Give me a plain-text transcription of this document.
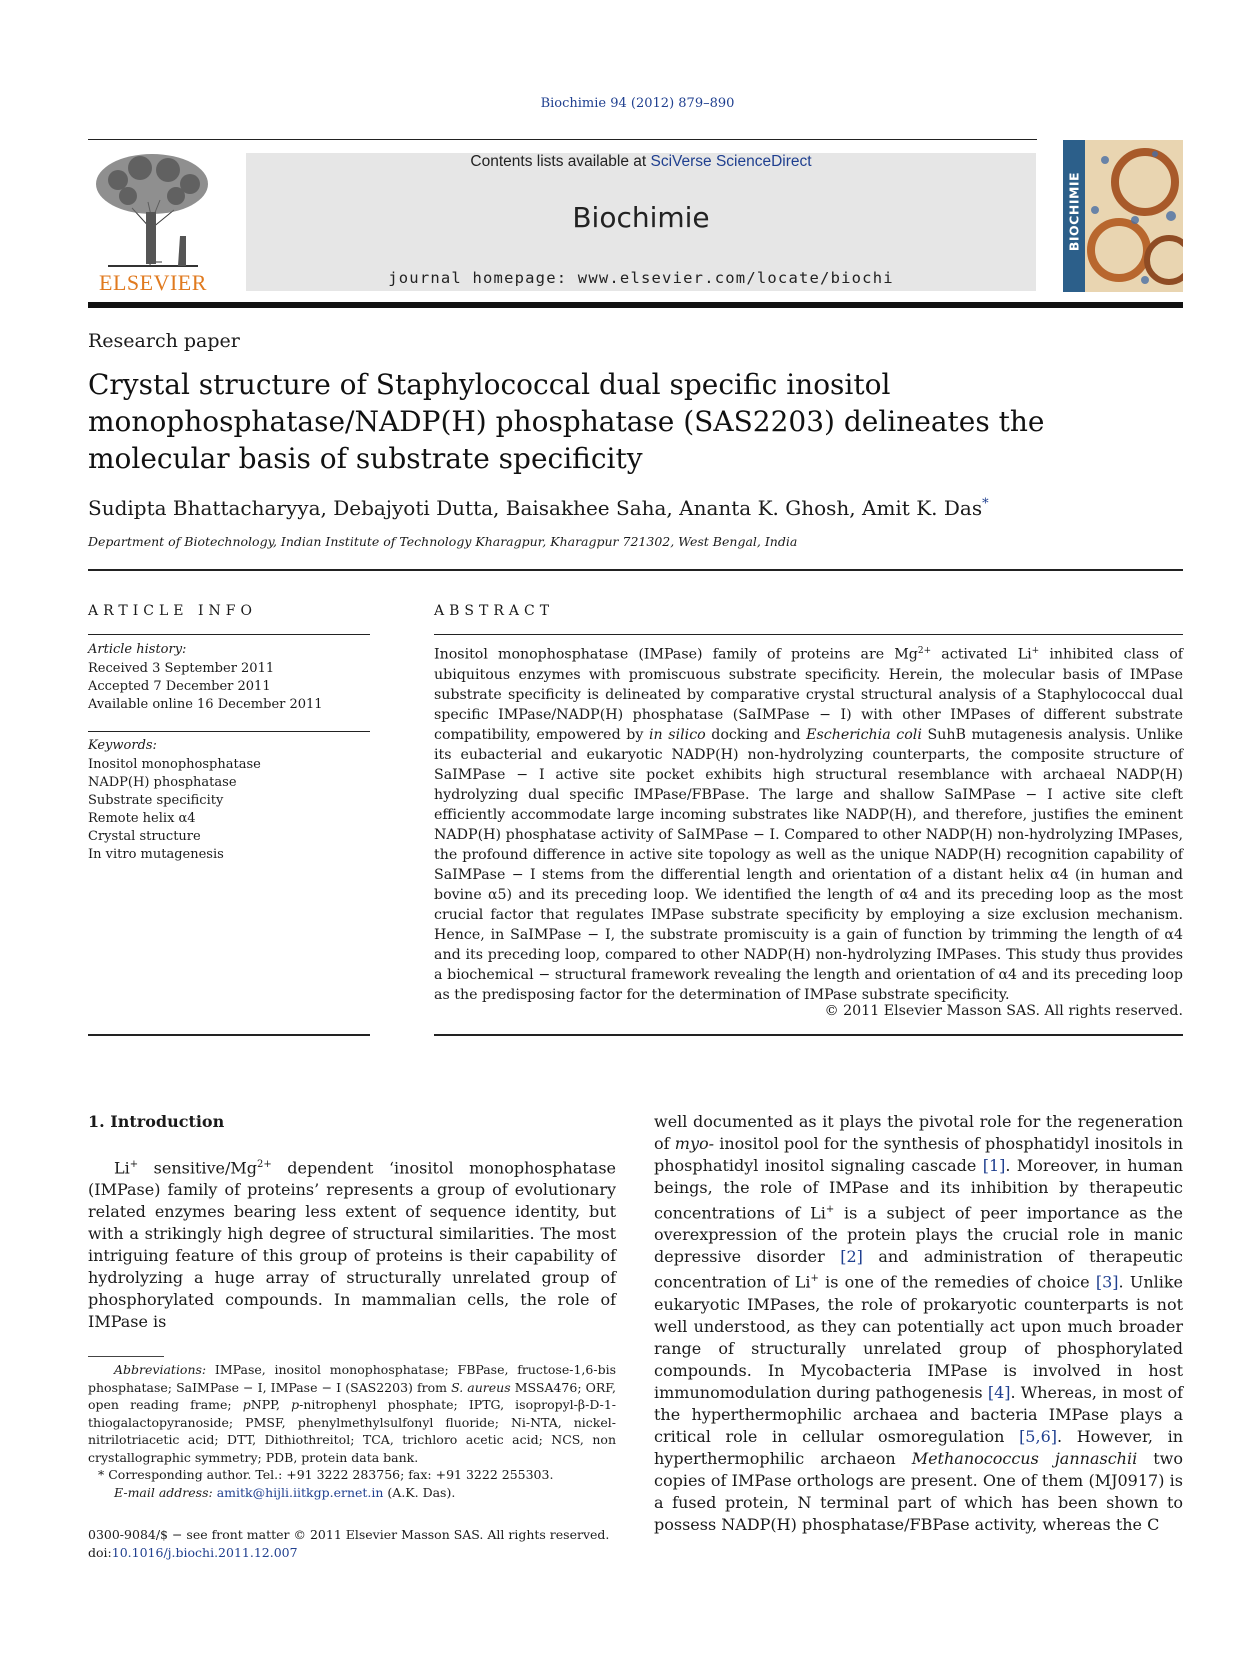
Biochimie 94 (2012) 879–890
ELSEVIER
Contents lists available at SciVerse ScienceDirect
Biochimie
journal homepage: www.elsevier.com/locate/biochi
BIOCHIMIE
Research paper
Crystal structure of Staphylococcal dual specific inositol monophosphatase/NADP(H) phosphatase (SAS2203) delineates the molecular basis of substrate specificity
Sudipta Bhattacharyya, Debajyoti Dutta, Baisakhee Saha, Ananta K. Ghosh, Amit K. Das*
Department of Biotechnology, Indian Institute of Technology Kharagpur, Kharagpur 721302, West Bengal, India
ARTICLE INFO
Article history:
Received 3 September 2011
Accepted 7 December 2011
Available online 16 December 2011
Keywords:
Inositol monophosphatase
NADP(H) phosphatase
Substrate specificity
Remote helix α4
Crystal structure
In vitro mutagenesis
ABSTRACT
Inositol monophosphatase (IMPase) family of proteins are $Mg^{2+}$ activated Li+ inhibited class of ubiquitous enzymes with promiscuous substrate specificity. Herein, the molecular basis of IMPase substrate specificity is delineated by comparative crystal structural analysis of a Staphylococcal dual specific IMPase/NADP(H) phosphatase (SaIMPase − I) with other IMPases of different substrate compatibility, empowered by in silico docking and Escherichia coli SuhB mutagenesis analysis. Unlike its eubacterial and eukaryotic NADP(H) non-hydrolyzing counterparts, the composite structure of SaIMPase − I active site pocket exhibits high structural resemblance with archaeal NADP(H) hydrolyzing dual specific IMPase/FBPase. The large and shallow SaIMPase − I active site cleft efficiently accommodate large incoming substrates like NADP(H), and therefore, justifies the eminent NADP(H) phosphatase activity of SaIMPase − I. Compared to other NADP(H) non-hydrolyzing IMPases, the profound difference in active site topology as well as the unique NADP(H) recognition capability of SaIMPase − I stems from the differential length and orientation of a distant helix α4 (in human and bovine α5) and its preceding loop. We identified the length of α4 and its preceding loop as the most crucial factor that regulates IMPase substrate specificity by employing a size exclusion mechanism. Hence, in SaIMPase − I, the substrate promiscuity is a gain of function by trimming the length of α4 and its preceding loop, compared to other NADP(H) non-hydrolyzing IMPases. This study thus provides a biochemical − structural framework revealing the length and orientation of α4 and its preceding loop as the predisposing factor for the determination of IMPase substrate specificity.
© 2011 Elsevier Masson SAS. All rights reserved.
1. Introduction
Li+ sensitive/$Mg^{2+}$ dependent ‘inositol monophosphatase (IMPase) family of proteins’ represents a group of evolutionary related enzymes bearing less extent of sequence identity, but with a strikingly high degree of structural similarities. The most intriguing feature of this group of proteins is their capability of hydrolyzing a huge array of structurally unrelated group of phosphorylated compounds. In mammalian cells, the role of IMPase is
well documented as it plays the pivotal role for the regeneration of myo- inositol pool for the synthesis of phosphatidyl inositols in phosphatidyl inositol signaling cascade [1]. Moreover, in human beings, the role of IMPase and its inhibition by therapeutic concentrations of Li+ is a subject of peer importance as the overexpression of the protein plays the crucial role in manic depressive disorder [2] and administration of therapeutic concentration of Li+ is one of the remedies of choice [3]. Unlike eukaryotic IMPases, the role of prokaryotic counterparts is not well understood, as they can potentially act upon much broader range of structurally unrelated group of phosphorylated compounds. In Mycobacteria IMPase is involved in host immunomodulation during pathogenesis [4]. Whereas, in most of the hyperthermophilic archaea and bacteria IMPase plays a critical role in cellular osmoregulation [5,6]. However, in hyperthermophilic archaeon Methanococcus jannaschii two copies of IMPase orthologs are present. One of them (MJ0917) is a fused protein, N terminal part of which has been shown to possess NADP(H) phosphatase/FBPase activity, whereas the C
Abbreviations: IMPase, inositol monophosphatase; FBPase, fructose-1,6-bis phosphatase; SaIMPase − I, IMPase − I (SAS2203) from S. aureus MSSA476; ORF, open reading frame; pNPP, p-nitrophenyl phosphate; IPTG, isopropyl-β-D-1-thiogalactopyranoside; PMSF, phenylmethylsulfonyl fluoride; Ni-NTA, nickel-nitrilotriacetic acid; DTT, Dithiothreitol; TCA, trichloro acetic acid; NCS, non crystallographic symmetry; PDB, protein data bank.
* Corresponding author. Tel.: +91 3222 283756; fax: +91 3222 255303.
E-mail address: amitk@hijli.iitkgp.ernet.in (A.K. Das).
0300-9084/$ − see front matter © 2011 Elsevier Masson SAS. All rights reserved.
doi:10.1016/j.biochi.2011.12.007
